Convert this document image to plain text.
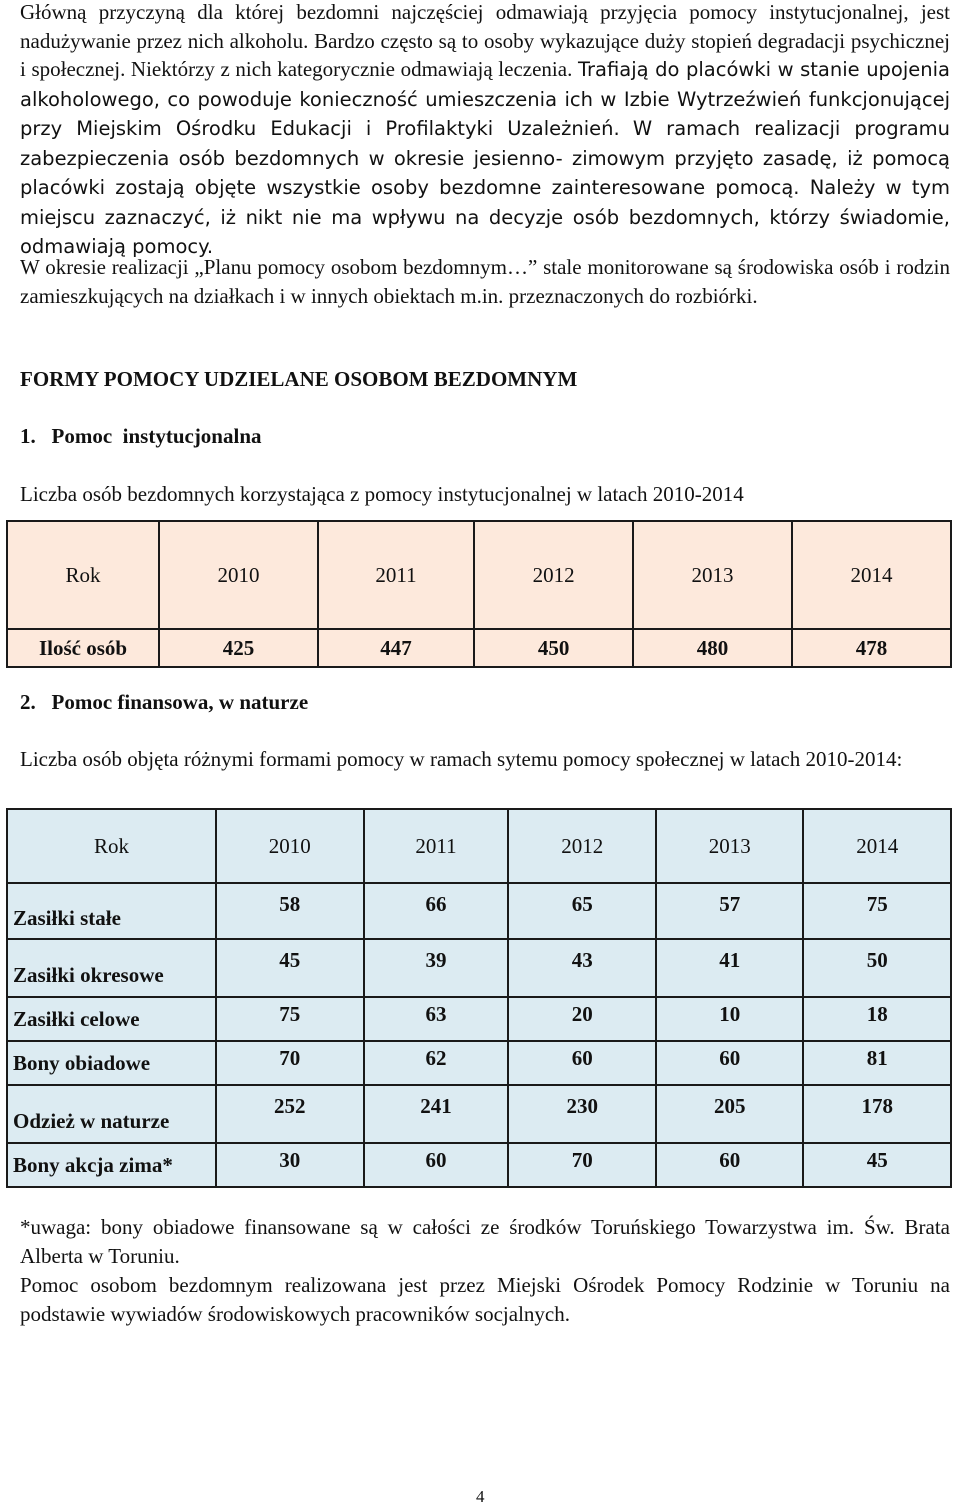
Główną przyczyną dla której bezdomni najczęściej odmawiają przyjęcia pomocy instytucjonalnej, jest nadużywanie przez nich alkoholu. Bardzo często są to osoby wykazujące duży stopień degradacji psychicznej i społecznej. Niektórzy z nich kategorycznie odmawiają leczenia. Trafiają do placówki w stanie upojenia alkoholowego, co powoduje konieczność umieszczenia ich w Izbie Wytrzeźwień funkcjonującej przy Miejskim Ośrodku Edukacji i Profilaktyki Uzależnień. W ramach realizacji programu zabezpieczenia osób bezdomnych w okresie jesienno- zimowym przyjęto zasadę, iż pomocą placówki zostają objęte wszystkie osoby bezdomne zainteresowane pomocą. Należy w tym miejscu zaznaczyć, iż nikt nie ma wpływu na decyzje osób bezdomnych, którzy świadomie, odmawiają pomocy.

W okresie realizacji „Planu pomocy osobom bezdomnym…” stale monitorowane są środowiska osób i rodzin zamieszkujących na działkach i w innych obiektach m.in. przeznaczonych do rozbiórki.

FORMY POMOCY UDZIELANE OSOBOM BEZDOMNYM
1.   Pomoc  instytucjonalna
Liczba osób bezdomnych korzystająca z pomocy instytucjonalnej w latach 2010-2014
Rok	2010	2011	2012	2013	2014
Ilość osób	425	447	450	480	478
2.   Pomoc finansowa, w naturze
Liczba osób objęta różnymi formami pomocy w ramach sytemu pomocy społecznej w latach 2010-2014:
Rok	2010	2011	2012	2013	2014
Zasiłki stałe	58	66	65	57	75
Zasiłki okresowe	45	39	43	41	50
Zasiłki celowe	75	63	20	10	18
Bony obiadowe	70	62	60	60	81
Odzież w naturze	252	241	230	205	178
Bony akcja zima*	30	60	70	60	45
*uwaga: bony obiadowe finansowane są w całości ze środków Toruńskiego Towarzystwa im. Św. Brata Alberta w Toruniu.
Pomoc osobom bezdomnym realizowana jest przez Miejski Ośrodek Pomocy Rodzinie w Toruniu na podstawie wywiadów środowiskowych pracowników socjalnych.
4
